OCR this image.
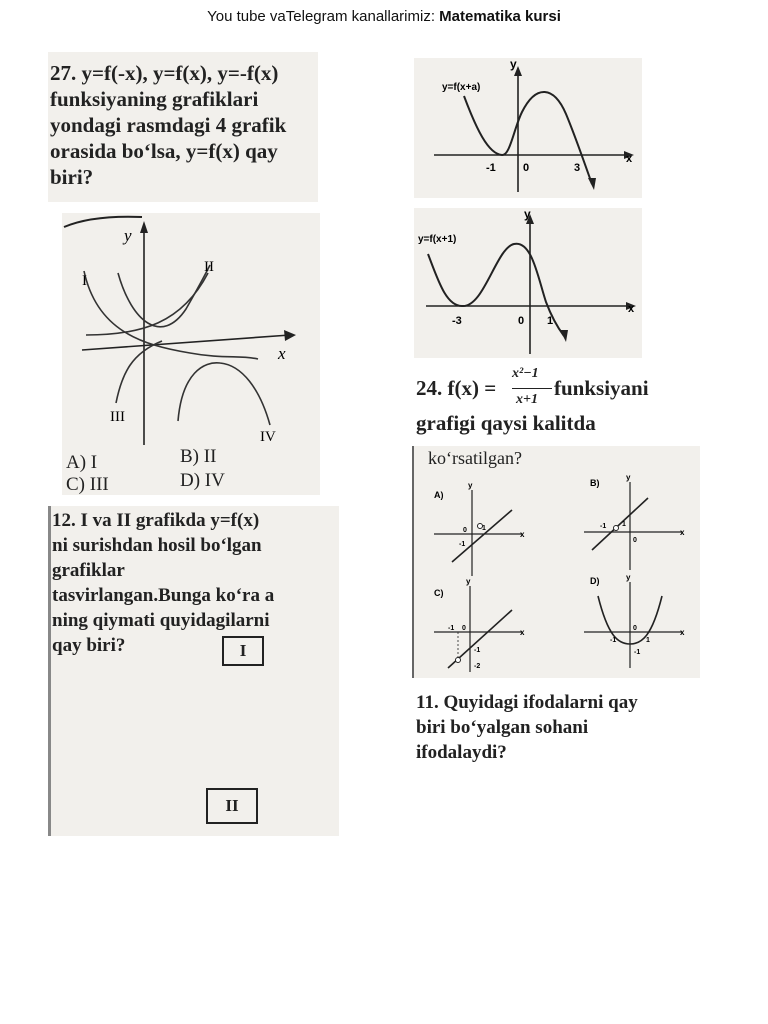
You tube vaTelegram kanallarimiz: Matematika kursi
27. y=f(-x), y=f(x), y=-f(x)
funksiyaning grafiklari
yondagi rasmdagi 4 grafik
orasida bo‘lsa, y=f(x) qay
biri?
y
x
I
II
III
IV
A) I	B) II
C) III	D) IV
12. I va II grafikda y=f(x)
ni surishdan hosil bo‘lgan
grafiklar
tasvirlangan.Bunga ko‘ra a
ning qiymati quyidagilarni
qay biri?	I
II
y=f(x+a)
y
x
-1 0	3
y=f(x+1)
y
x
-3	0 1
24. f(x) =
x²−1
x+1 funksiyani
grafigi qaysi kalitda
ko‘rsatilgan?
A)
y
x
0 1
-1
B)
y
x
-1 1
0
C)
y
x
-1 0
-1
-2
D)	y
x
-1
0
1
-1
11. Quyidagi ifodalarni qay
biri bo‘yalgan sohani
ifodalaydi?
